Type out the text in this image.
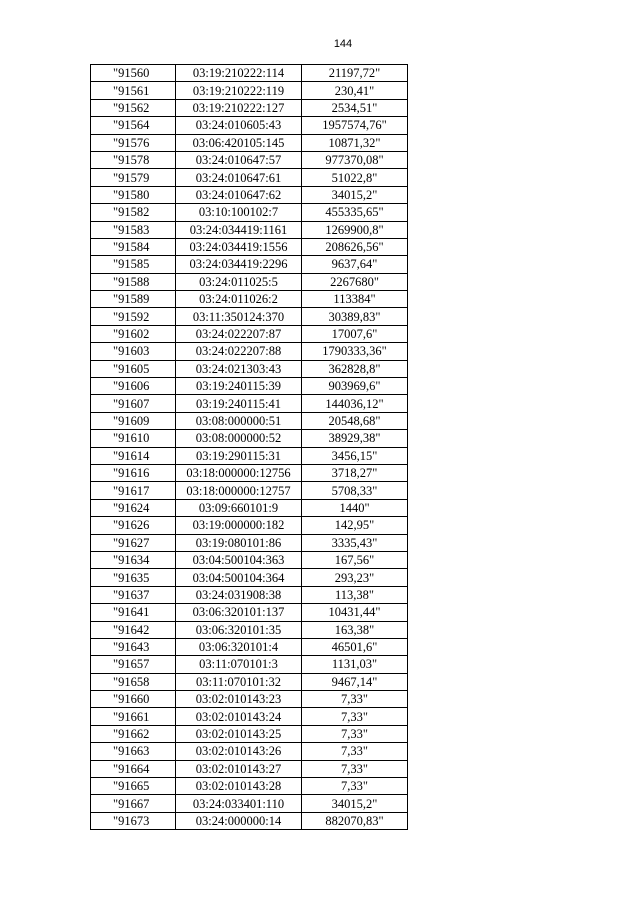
144
"91560	03:19:210222:114	21197,72"
"91561	03:19:210222:119	230,41"
"91562	03:19:210222:127	2534,51"
"91564	03:24:010605:43	1957574,76"
"91576	03:06:420105:145	10871,32"
"91578	03:24:010647:57	977370,08"
"91579	03:24:010647:61	51022,8"
"91580	03:24:010647:62	34015,2"
"91582	03:10:100102:7	455335,65"
"91583	03:24:034419:1161	1269900,8"
"91584	03:24:034419:1556	208626,56"
"91585	03:24:034419:2296	9637,64"
"91588	03:24:011025:5	2267680"
"91589	03:24:011026:2	113384"
"91592	03:11:350124:370	30389,83"
"91602	03:24:022207:87	17007,6"
"91603	03:24:022207:88	1790333,36"
"91605	03:24:021303:43	362828,8"
"91606	03:19:240115:39	903969,6"
"91607	03:19:240115:41	144036,12"
"91609	03:08:000000:51	20548,68"
"91610	03:08:000000:52	38929,38"
"91614	03:19:290115:31	3456,15"
"91616	03:18:000000:12756	3718,27"
"91617	03:18:000000:12757	5708,33"
"91624	03:09:660101:9	1440"
"91626	03:19:000000:182	142,95"
"91627	03:19:080101:86	3335,43"
"91634	03:04:500104:363	167,56"
"91635	03:04:500104:364	293,23"
"91637	03:24:031908:38	113,38"
"91641	03:06:320101:137	10431,44"
"91642	03:06:320101:35	163,38"
"91643	03:06:320101:4	46501,6"
"91657	03:11:070101:3	1131,03"
"91658	03:11:070101:32	9467,14"
"91660	03:02:010143:23	7,33"
"91661	03:02:010143:24	7,33"
"91662	03:02:010143:25	7,33"
"91663	03:02:010143:26	7,33"
"91664	03:02:010143:27	7,33"
"91665	03:02:010143:28	7,33"
"91667	03:24:033401:110	34015,2"
"91673	03:24:000000:14	882070,83"
